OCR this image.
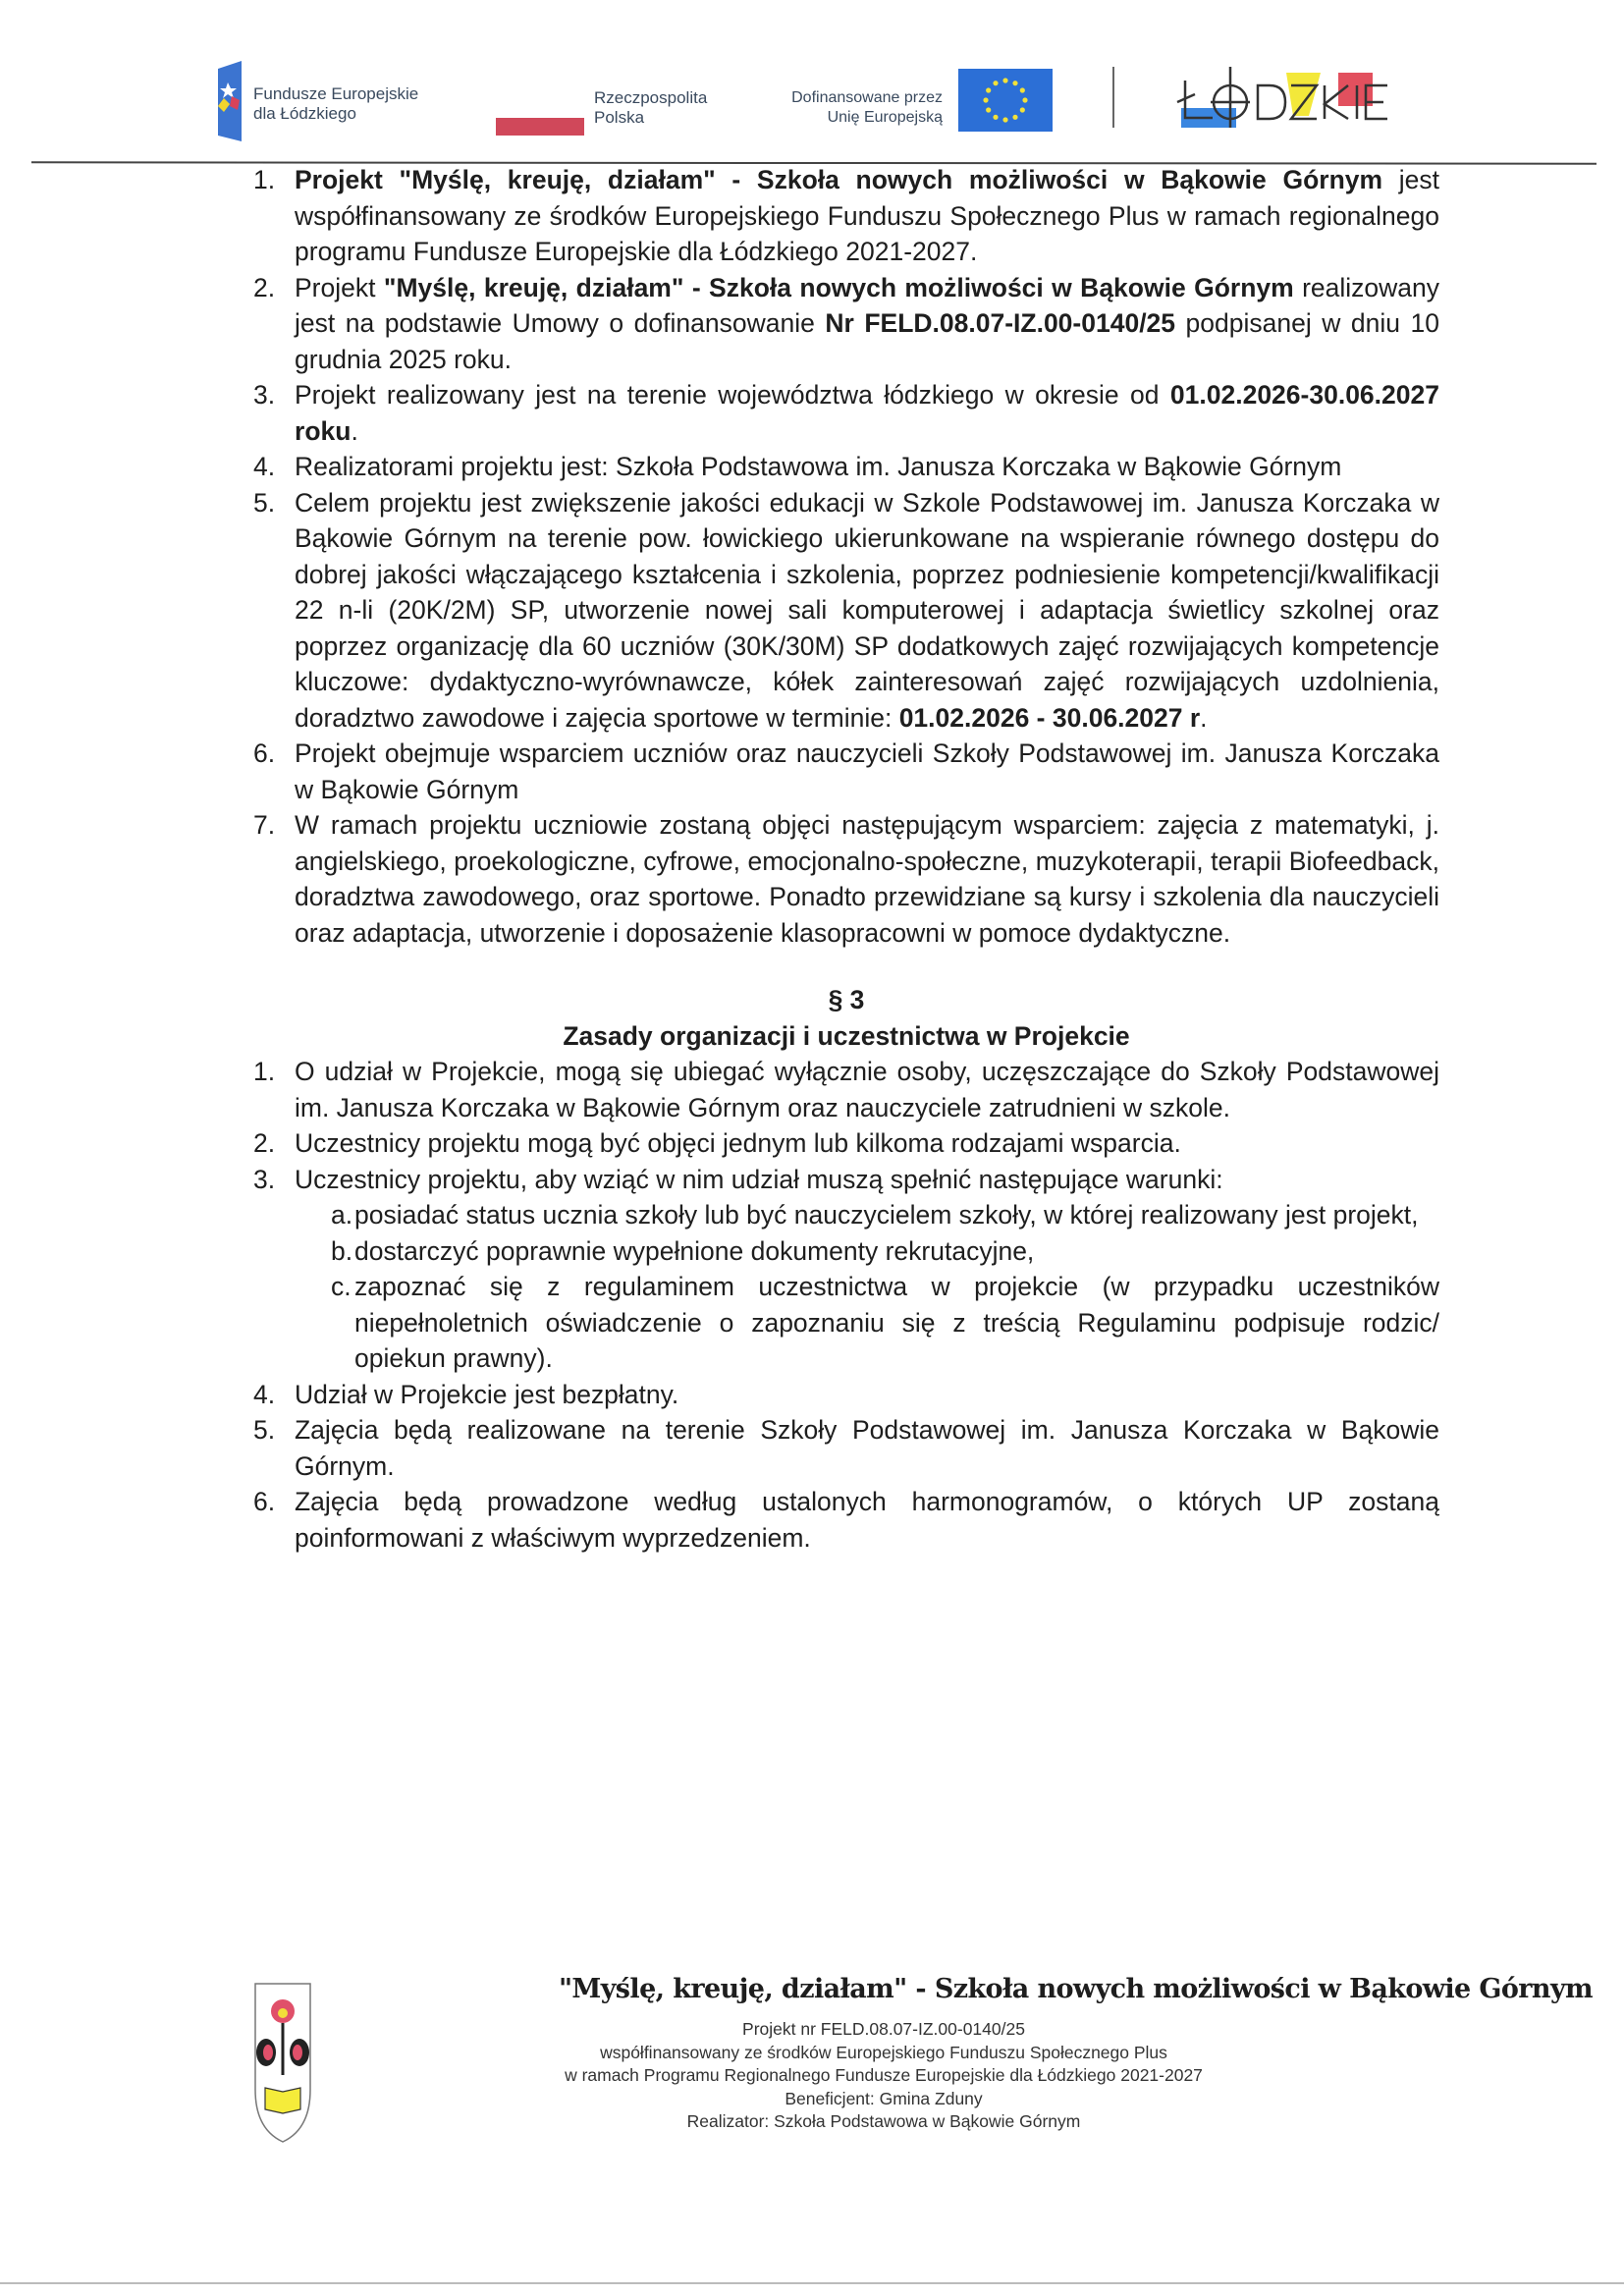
Fundusze Europejskie
dla Łódzkiego
Rzeczpospolita
Polska
Dofinansowane przez
Unię Europejską
1. Projekt "Myślę, kreuję, działam" - Szkoła nowych możliwości w Bąkowie Górnym jest współfinansowany ze środków Europejskiego Funduszu Społecznego Plus w ramach regionalnego programu Fundusze Europejskie dla Łódzkiego 2021-2027.
2. Projekt "Myślę, kreuję, działam" - Szkoła nowych możliwości w Bąkowie Górnym realizowany jest na podstawie Umowy o dofinansowanie Nr FELD.08.07-IZ.00-0140/25 podpisanej w dniu 10 grudnia 2025 roku.
3. Projekt realizowany jest na terenie województwa łódzkiego w okresie od 01.02.2026-30.06.2027 roku.
4. Realizatorami projektu jest: Szkoła Podstawowa im. Janusza Korczaka w Bąkowie Górnym
5. Celem projektu jest zwiększenie jakości edukacji w Szkole Podstawowej im. Janusza Korczaka w Bąkowie Górnym na terenie pow. łowickiego ukierunkowane na wspieranie równego dostępu do dobrej jakości włączającego kształcenia i szkolenia, poprzez podniesienie kompetencji/kwalifikacji 22 n-li (20K/2M) SP, utworzenie nowej sali komputerowej i adaptacja świetlicy szkolnej oraz poprzez organizację dla 60 uczniów (30K/30M) SP dodatkowych zajęć rozwijających kompetencje kluczowe: dydaktyczno-wyrównawcze, kółek zainteresowań zajęć rozwijających uzdolnienia, doradztwo zawodowe i zajęcia sportowe w terminie: 01.02.2026 - 30.06.2027 r.
6. Projekt obejmuje wsparciem uczniów oraz nauczycieli Szkoły Podstawowej im. Janusza Korczaka w Bąkowie Górnym
7. W ramach projektu uczniowie zostaną objęci następującym wsparciem: zajęcia z matematyki, j. angielskiego, proekologiczne, cyfrowe, emocjonalno-społeczne, muzykoterapii, terapii Biofeedback, doradztwa zawodowego, oraz sportowe. Ponadto przewidziane są kursy i szkolenia dla nauczycieli oraz adaptacja, utworzenie i doposażenie klasopracowni w pomoce dydaktyczne.
§ 3
Zasady organizacji i uczestnictwa w Projekcie
1. O udział w Projekcie, mogą się ubiegać wyłącznie osoby, uczęszczające do Szkoły Podstawowej im. Janusza Korczaka w Bąkowie Górnym oraz nauczyciele zatrudnieni w szkole.
2. Uczestnicy projektu mogą być objęci jednym lub kilkoma rodzajami wsparcia.
3. Uczestnicy projektu, aby wziąć w nim udział muszą spełnić następujące warunki:
a. posiadać status ucznia szkoły lub być nauczycielem szkoły, w której realizowany jest projekt,
b. dostarczyć poprawnie wypełnione dokumenty rekrutacyjne,
c. zapoznać się z regulaminem uczestnictwa w projekcie (w przypadku uczestników niepełnoletnich oświadczenie o zapoznaniu się z treścią Regulaminu podpisuje rodzic/ opiekun prawny).
4. Udział w Projekcie jest bezpłatny.
5. Zajęcia będą realizowane na terenie Szkoły Podstawowej im. Janusza Korczaka w Bąkowie Górnym.
6. Zajęcia będą prowadzone według ustalonych harmonogramów, o których UP zostaną poinformowani z właściwym wyprzedzeniem.
"Myślę, kreuję, działam" - Szkoła nowych możliwości w Bąkowie Górnym
Projekt nr FELD.08.07-IZ.00-0140/25
współfinansowany ze środków Europejskiego Funduszu Społecznego Plus
w ramach Programu Regionalnego Fundusze Europejskie dla Łódzkiego 2021-2027
Beneficjent: Gmina Zduny
Realizator: Szkoła Podstawowa w Bąkowie Górnym
